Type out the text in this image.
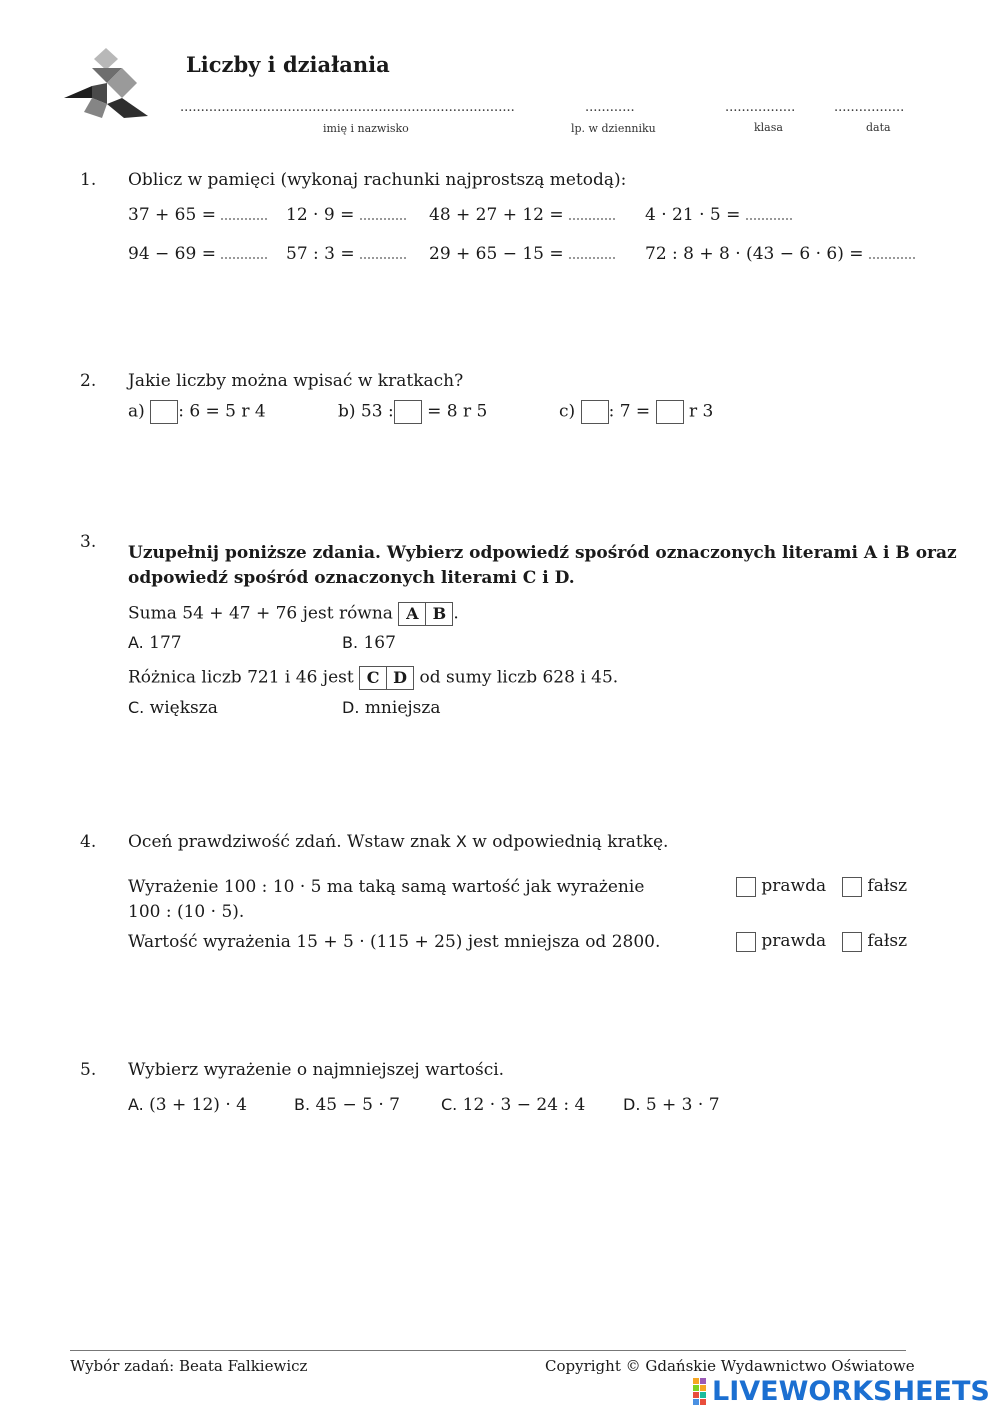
Liczby i działania
.................................................................................
imię i nazwisko
............
lp. w dzienniku
.................
klasa
.................
data
1. Oblicz w pamięci (wykonaj rachunki najprostszą metodą):
37 + 65 =	12 · 9 =	48 + 27 + 12 =	4 · 21 · 5 =
94 − 69 =	57 : 3 =	29 + 65 − 15 =	72 : 8 + 8 · (43 − 6 · 6) =
2. Jakie liczby można wpisać w kratkach?
a) : 6 = 5 r 4	b) 53 : = 8 r 5	c) : 7 = r 3
3.
Uzupełnij poniższe zdania. Wybierz odpowiedź spośród oznaczonych literami A i B oraz
odpowiedź spośród oznaczonych literami C i D.
Suma 54 + 47 + 76 jest równa A B .
A. 177	B. 167
Różnica liczb 721 i 46 jest C D od sumy liczb 628 i 45.
C. większa	D. mniejsza
4. Oceń prawdziwość zdań. Wstaw znak X w odpowiednią kratkę.
Wyrażenie 100 : 10 · 5 ma taką samą wartość jak wyrażenie
100 : (10 · 5).
prawda	fałsz
Wartość wyrażenia 15 + 5 · (115 + 25) jest mniejsza od 2800.	prawda	fałsz
5. Wybierz wyrażenie o najmniejszej wartości.
A. (3 + 12) · 4	B. 45 − 5 · 7	C. 12 · 3 − 24 : 4 D. 5 + 3 · 7
Wybór zadań: Beata Falkiewicz	Copyright © Gdańskie Wydawnictwo Oświatowe
LIVEWORKSHEETS
